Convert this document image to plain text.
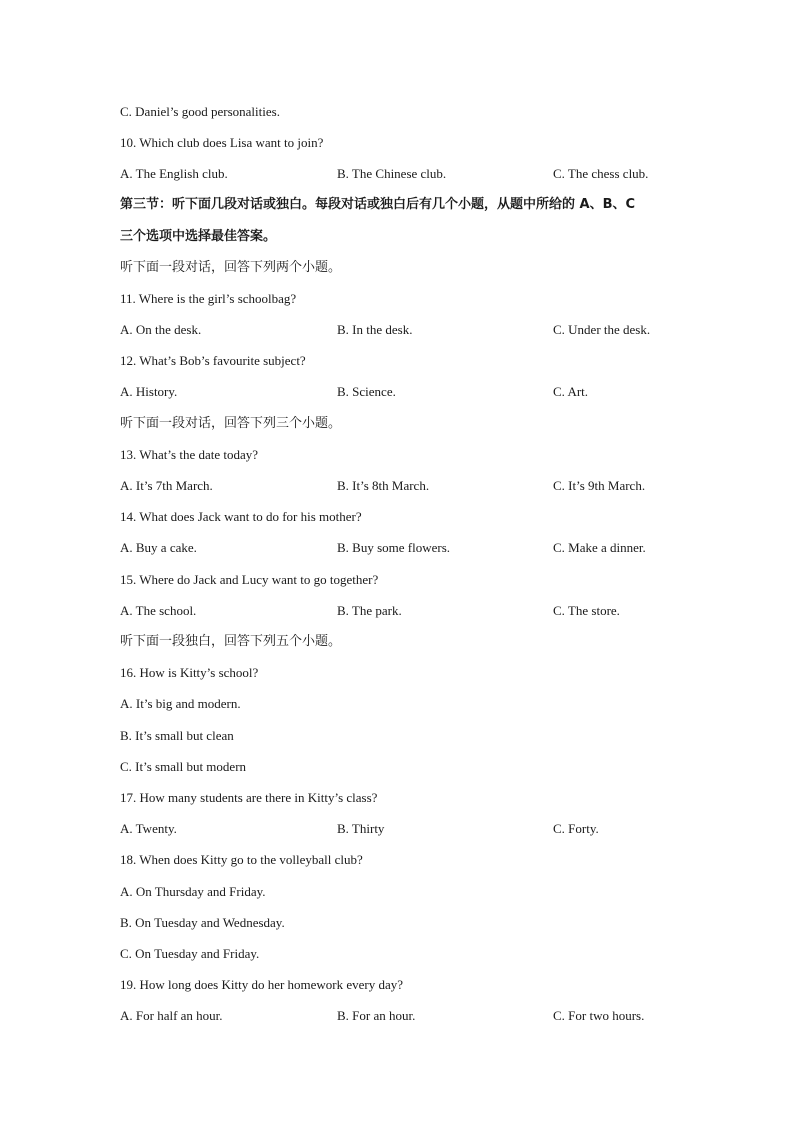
C. Daniel’s good personalities.
10. Which club does Lisa want to join?
A. The English club.	B. The Chinese club.	C. The chess club.
第三节：听下面几段对话或独白。每段对话或独白后有几个小题，从题中所给的 A、B、C
三个选项中选择最佳答案。
听下面一段对话，回答下列两个小题。
11. Where is the girl’s schoolbag?
A. On the desk.	B. In the desk.	C. Under the desk.
12. What’s Bob’s favourite subject?
A. History.	B. Science.	C. Art.
听下面一段对话，回答下列三个小题。
13. What’s the date today?
A. It’s 7th March.	B. It’s 8th March.	C. It’s 9th March.
14. What does Jack want to do for his mother?
A. Buy a cake.	B. Buy some flowers.	C. Make a dinner.
15. Where do Jack and Lucy want to go together?
A. The school.	B. The park.	C. The store.
听下面一段独白，回答下列五个小题。
16. How is Kitty’s school?
A. It’s big and modern.
B. It’s small but clean
C. It’s small but modern
17. How many students are there in Kitty’s class?
A. Twenty.	B. Thirty	C. Forty.
18. When does Kitty go to the volleyball club?
A. On Thursday and Friday.
B. On Tuesday and Wednesday.
C. On Tuesday and Friday.
19. How long does Kitty do her homework every day?
A. For half an hour.	B. For an hour.	C. For two hours.
